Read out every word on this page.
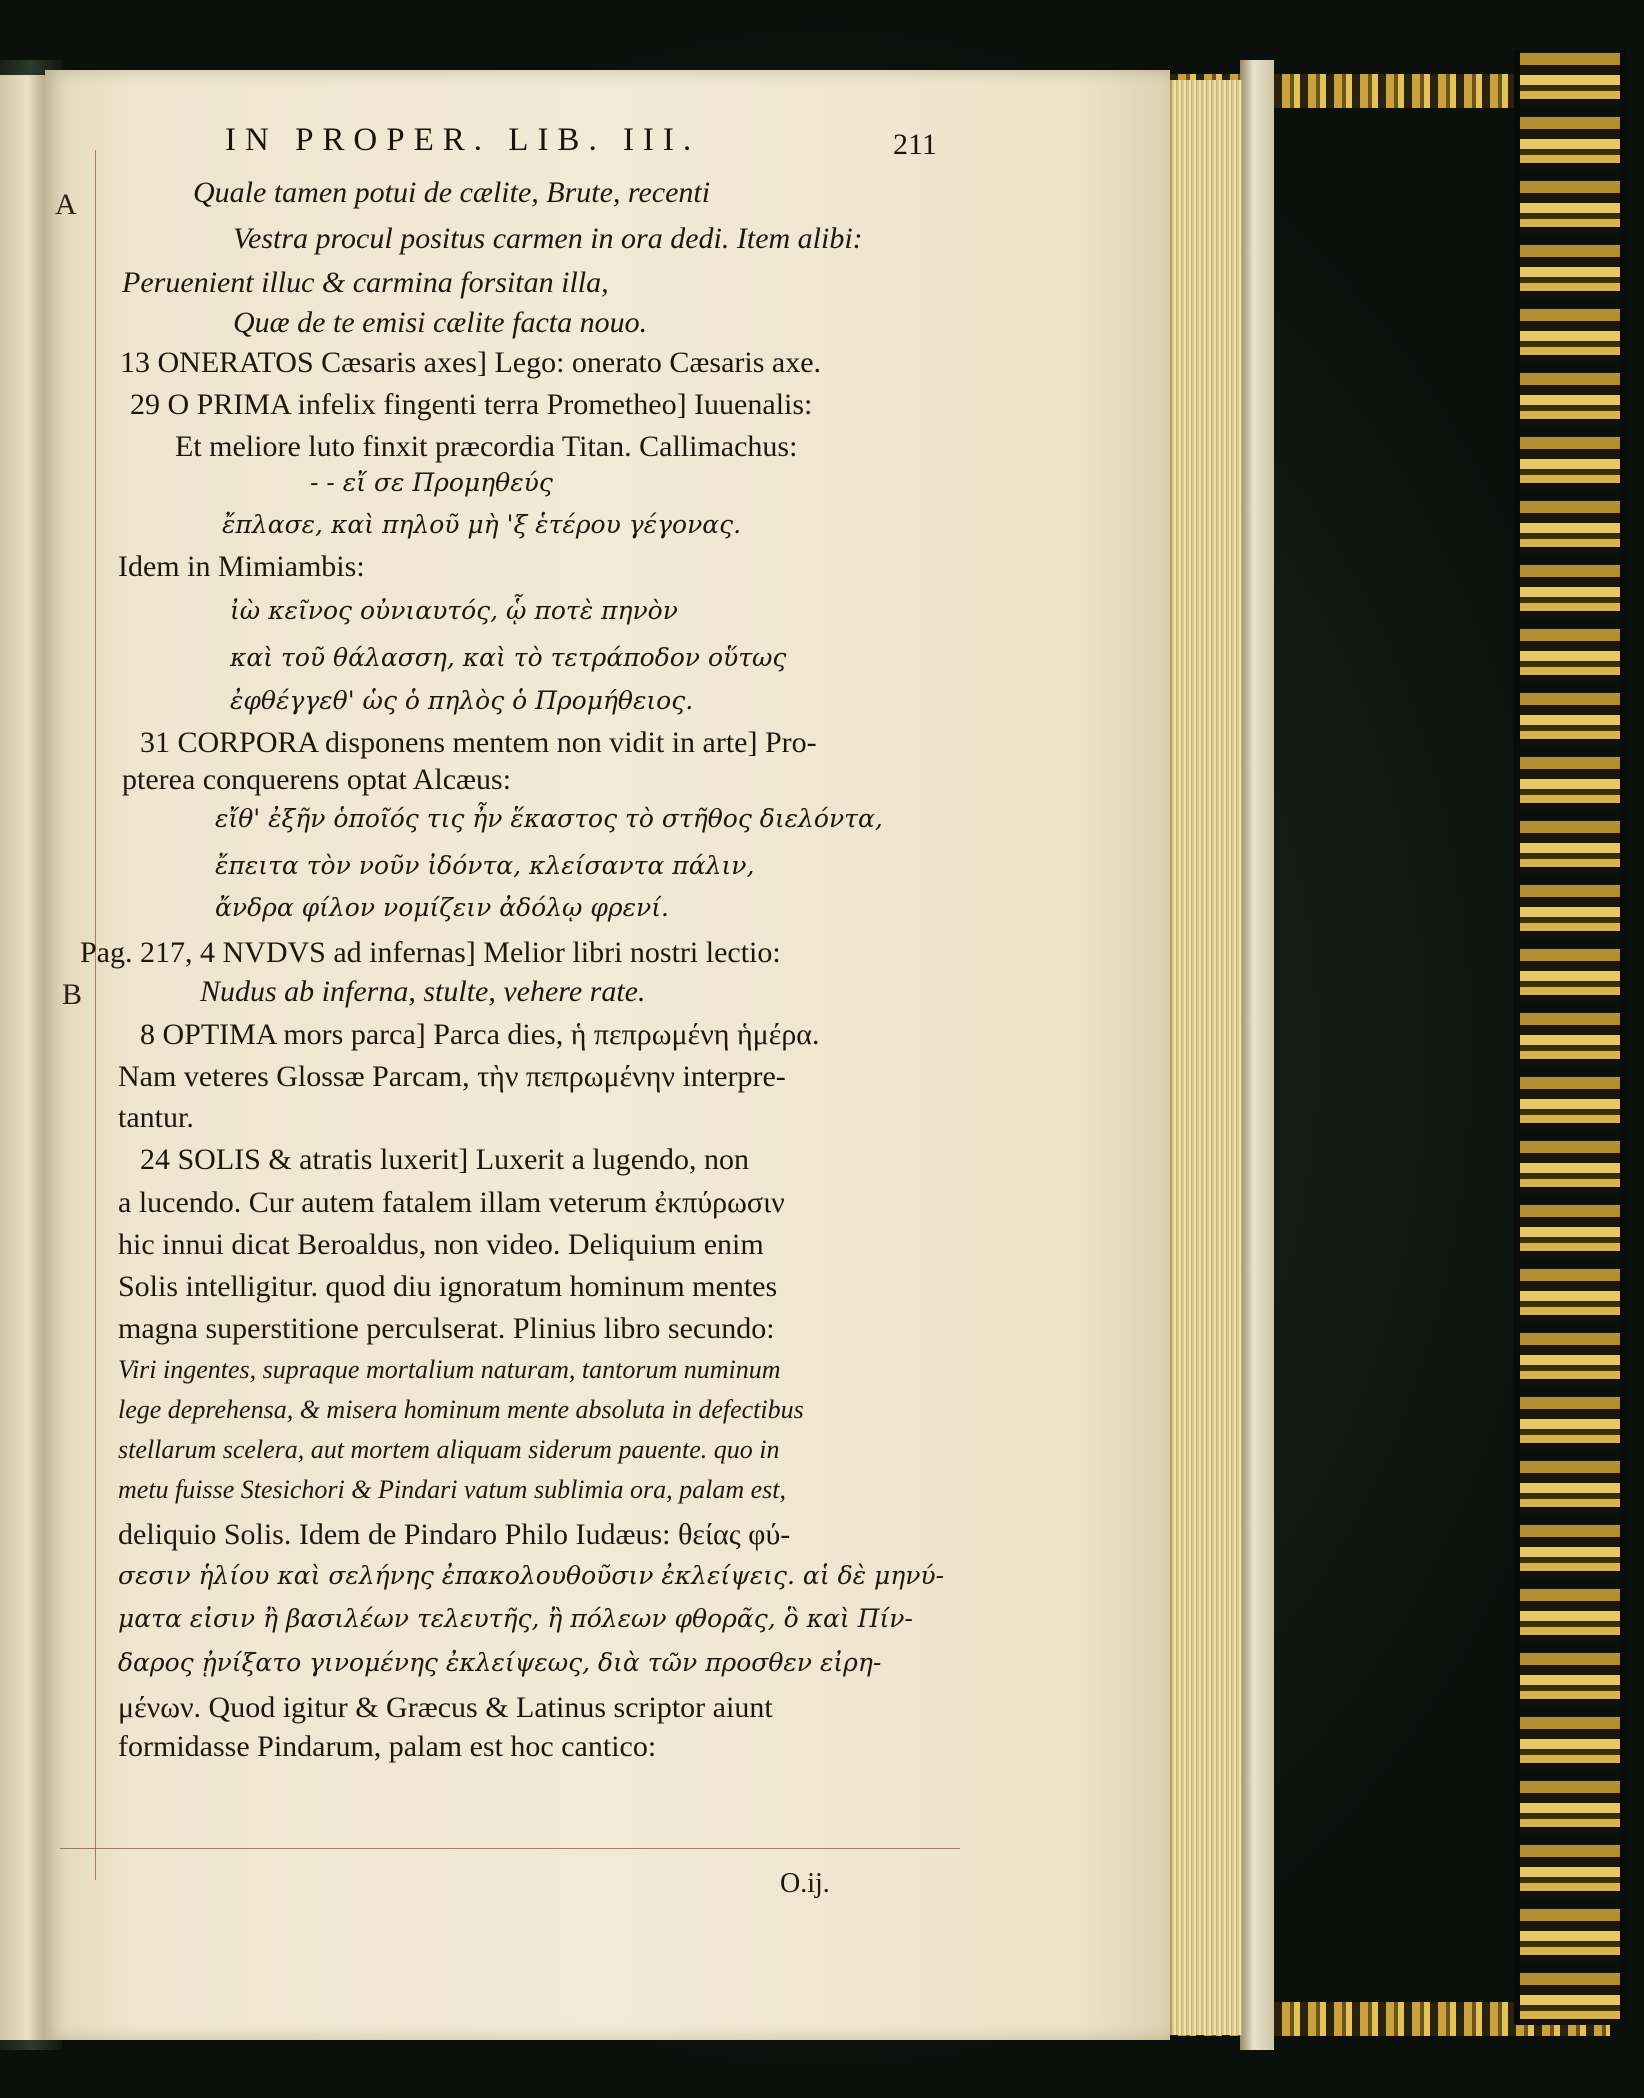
IN PROPER. LIB. III.	211
A
B
Quale tamen potui de cælite, Brute, recenti
Vestra procul positus carmen in ora dedi. Item alibi:
Peruenient illuc & carmina forsitan illa,
Quæ de te emisi cælite facta nouo.
13 ONERATOS Cæsaris axes] Lego: onerato Cæsaris axe.
29 O PRIMA infelix fingenti terra Prometheo] Iuuenalis:
Et meliore luto finxit præcordia Titan. Callimachus:
- - εἴ σε Προμηθεύς
ἔπλασε, καὶ πηλοῦ μὴ 'ξ ἑτέρου γέγονας.
Idem in Mimiambis:
ἰὼ κεῖνος οὐνιαυτός, ᾧ ποτὲ πηνὸν
καὶ τοῦ θάλασση, καὶ τὸ τετράποδον οὕτως
ἐφθέγγεθ' ὡς ὁ πηλὸς ὁ Προμήθειος.
31 CORPORA disponens mentem non vidit in arte] Pro-
pterea conquerens optat Alcæus:
εἴθ' ἐξῆν ὁποῖός τις ἦν ἕκαστος τὸ στῆθος διελόντα,
ἔπειτα τὸν νοῦν ἰδόντα, κλείσαντα πάλιν,
ἄνδρα φίλον νομίζειν ἀδόλῳ φρενί.
Pag. 217, 4 NVDVS ad infernas] Melior libri nostri lectio:
Nudus ab inferna, stulte, vehere rate.
8 OPTIMA mors parca] Parca dies, ἡ πεπρωμένη ἡμέρα.
Nam veteres Glossæ Parcam, τὴν πεπρωμένην interpre-
tantur.
24 SOLIS & atratis luxerit] Luxerit a lugendo, non
a lucendo. Cur autem fatalem illam veterum ἐκπύρωσιν
hic innui dicat Beroaldus, non video. Deliquium enim
Solis intelligitur. quod diu ignoratum hominum mentes
magna superstitione perculserat. Plinius libro secundo:
Viri ingentes, supraque mortalium naturam, tantorum numinum
lege deprehensa, & misera hominum mente absoluta in defectibus
stellarum scelera, aut mortem aliquam siderum pauente. quo in
metu fuisse Stesichori & Pindari vatum sublimia ora, palam est,
deliquio Solis. Idem de Pindaro Philo Iudæus: θείας φύ-
σεσιν ἡλίου καὶ σελήνης ἐπακολουθοῦσιν ἐκλείψεις. αἱ δὲ μηνύ-
ματα εἰσιν ἢ βασιλέων τελευτῆς, ἢ πόλεων φθορᾶς, ὃ καὶ Πίν-
δαρος ᾐνίξατο γινομένης ἐκλείψεως, διὰ τῶν προσθεν εἰρη-
μένων. Quod igitur & Græcus & Latinus scriptor aiunt
formidasse Pindarum, palam est hoc cantico:
O.ij.
